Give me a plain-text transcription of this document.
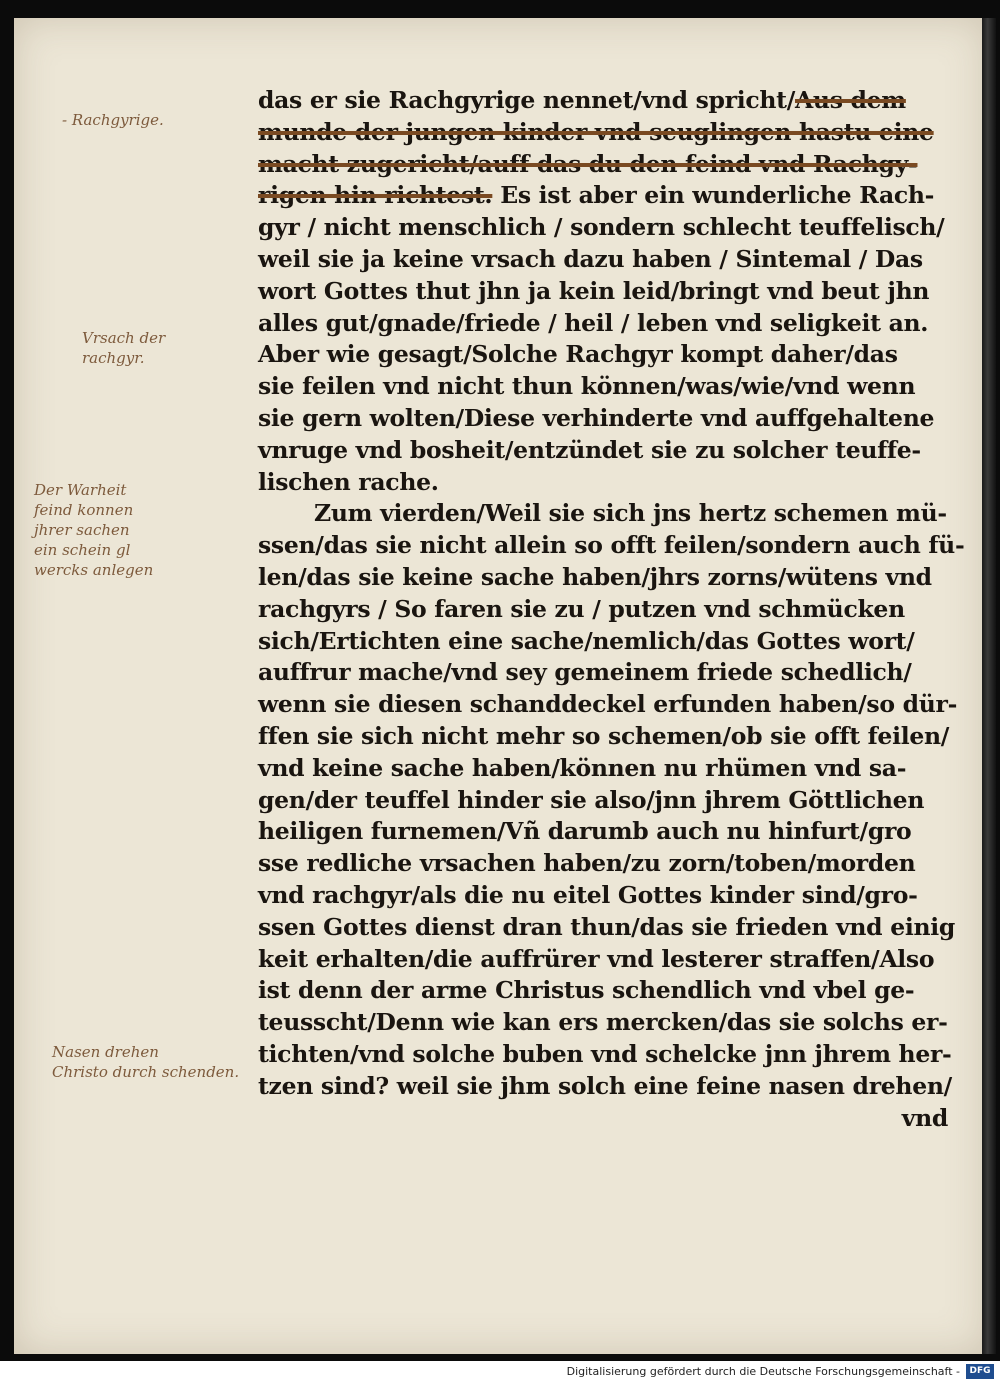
das er sie Rachgyrige nennet/vnd spricht/Aus dem
munde der jungen kinder vnd seuglingen hastu eine
macht zugericht/auff das du den feind vnd Rachgy-
rigen hin richtest. Es ist aber ein wunderliche Rach-
gyr / nicht menschlich / sondern schlecht teuffelisch/
weil sie ja keine vrsach dazu haben / Sintemal / Das
wort Gottes thut jhn ja kein leid/bringt vnd beut jhn
alles gut/gnade/friede / heil / leben vnd seligkeit an.
Aber wie gesagt/Solche Rachgyr kompt daher/das
sie feilen vnd nicht thun können/was/wie/vnd wenn
sie gern wolten/Diese verhinderte vnd auffgehaltene
vnruge vnd bosheit/entzündet sie zu solcher teuffe-
lischen rache.
Zum vierden/Weil sie sich jns hertz schemen mü-
ssen/das sie nicht allein so offt feilen/sondern auch fü-
len/das sie keine sache haben/jhrs zorns/wütens vnd
rachgyrs / So faren sie zu / putzen vnd schmücken
sich/Ertichten eine sache/nemlich/das Gottes wort/
auffrur mache/vnd sey gemeinem friede schedlich/
wenn sie diesen schanddeckel erfunden haben/so dür-
ffen sie sich nicht mehr so schemen/ob sie offt feilen/
vnd keine sache haben/können nu rhümen vnd sa-
gen/der teuffel hinder sie also/jnn jhrem Göttlichen
heiligen furnemen/Vñ darumb auch nu hinfurt/gro
sse redliche vrsachen haben/zu zorn/toben/morden
vnd rachgyr/als die nu eitel Gottes kinder sind/gro-
ssen Gottes dienst dran thun/das sie frieden vnd einig
keit erhalten/die auffrürer vnd lesterer straffen/Also
ist denn der arme Christus schendlich vnd vbel ge-
teusscht/Denn wie kan ers mercken/das sie solchs er-
tichten/vnd solche buben vnd schelcke jnn jhrem her-
tzen sind? weil sie jhm solch eine feine nasen drehen/
vnd
- Rachgyrige.
Vrsach der
rachgyr.
Der Warheit
feind konnen
jhrer sachen
ein schein gl
wercks anlegen
Nasen drehen
Christo durch schenden.
Digitalisierung gefördert durch die Deutsche Forschungsgemeinschaft -	DFG
